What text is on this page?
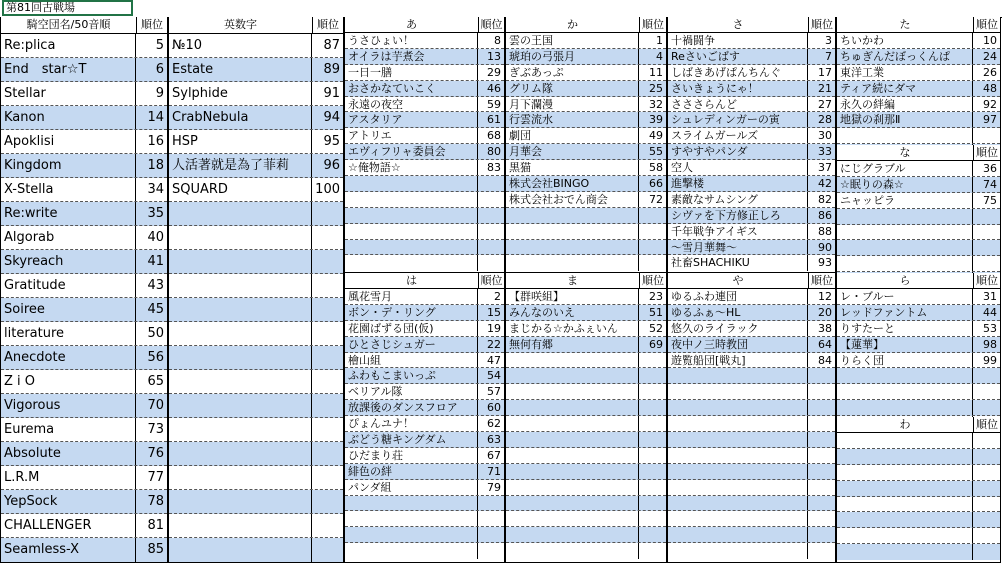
第81回古戦場
騎空団名/50音順	順位
Re:plica	5
End　star☆T	6
Stellar	9
Kanon	14
Apoklisi	16
Kingdom	18
X-Stella	34
Re:write	35
Algorab	40
Skyreach	41
Gratitude	43
Soiree	45
literature	50
Anecdote	56
Z i O	65
Vigorous	70
Eurema	73
Absolute	76
L.R.M	77
YepSock	78
CHALLENGER	81
Seamless-X	85
英数字	順位
№10	87
Estate	89
Sylphide	91
CrabNebula	94
HSP	95
人活著就是為了菲莉	96
SQUARD	100
あ	順位
うさひょい！	8
オイラは芋煮会	13
一日一膳	29
おさかなていこく	46
永遠の夜空	59
アスタリア	61
アトリエ	68
エヴィフリャ委員会	80
☆俺物語☆	83
か	順位
雲の王国	1
琥珀の弓張月	4
ぎぶあっぷ	11
グリム隊	25
月下瀾漫	32
行雲流水	39
劇団	49
月華会	55
黒猫	58
株式会社BINGO	66
株式会社おでん商会	72
さ	順位
十禍闘争	3
Reさいごばす	7
しばきあげぱんちんぐ	17
さいきょうにゃ！	21
さささらんど	27
シュレディンガーの寅	28
スライムガールズ	30
すやすやパンダ	33
空人	37
進撃楼	42
素敵なサムシング	82
シヴァを下方修正しろ	86
千年戦争アイギス	88
～雪月華舞～	90
社畜SHACHIKU	93
た	順位
ちいかわ	10
ちゅぎんだぼっくんぱ	24
東洋工業	26
ティア続にダマ	48
永久の絆編	92
地獄の刹那Ⅱ	97
な	順位
にじグラブル	36
☆眠りの森☆	74
ニャッピラ	75
は	順位
風花雪月	2
ボン・デ・リング	15
花園ばずる団(仮)	19
ひとさじシュガー	22
檜山組	47
ふわもこまいっぷ	54
ベリアル隊	57
放課後のダンスフロア	60
ぴょんユナ！	62
ぶどう糖キングダム	63
ひだまり荘	67
緋色の絆	71
パンダ組	79
ま	順位
【群咲組】	23
みんなのいえ	51
まじかる☆かふぇいん	52
無何有郷	69
や	順位
ゆるふわ連団	12
ゆるふぁ～HL	20
悠久のライラック	38
夜中ノ三時教団	64
遊覧船団[戦丸]	84
ら	順位
レ・ブルー	31
レッドファントム	44
りすたーと	53
【蓮華】	98
りらく団	99
わ	順位
